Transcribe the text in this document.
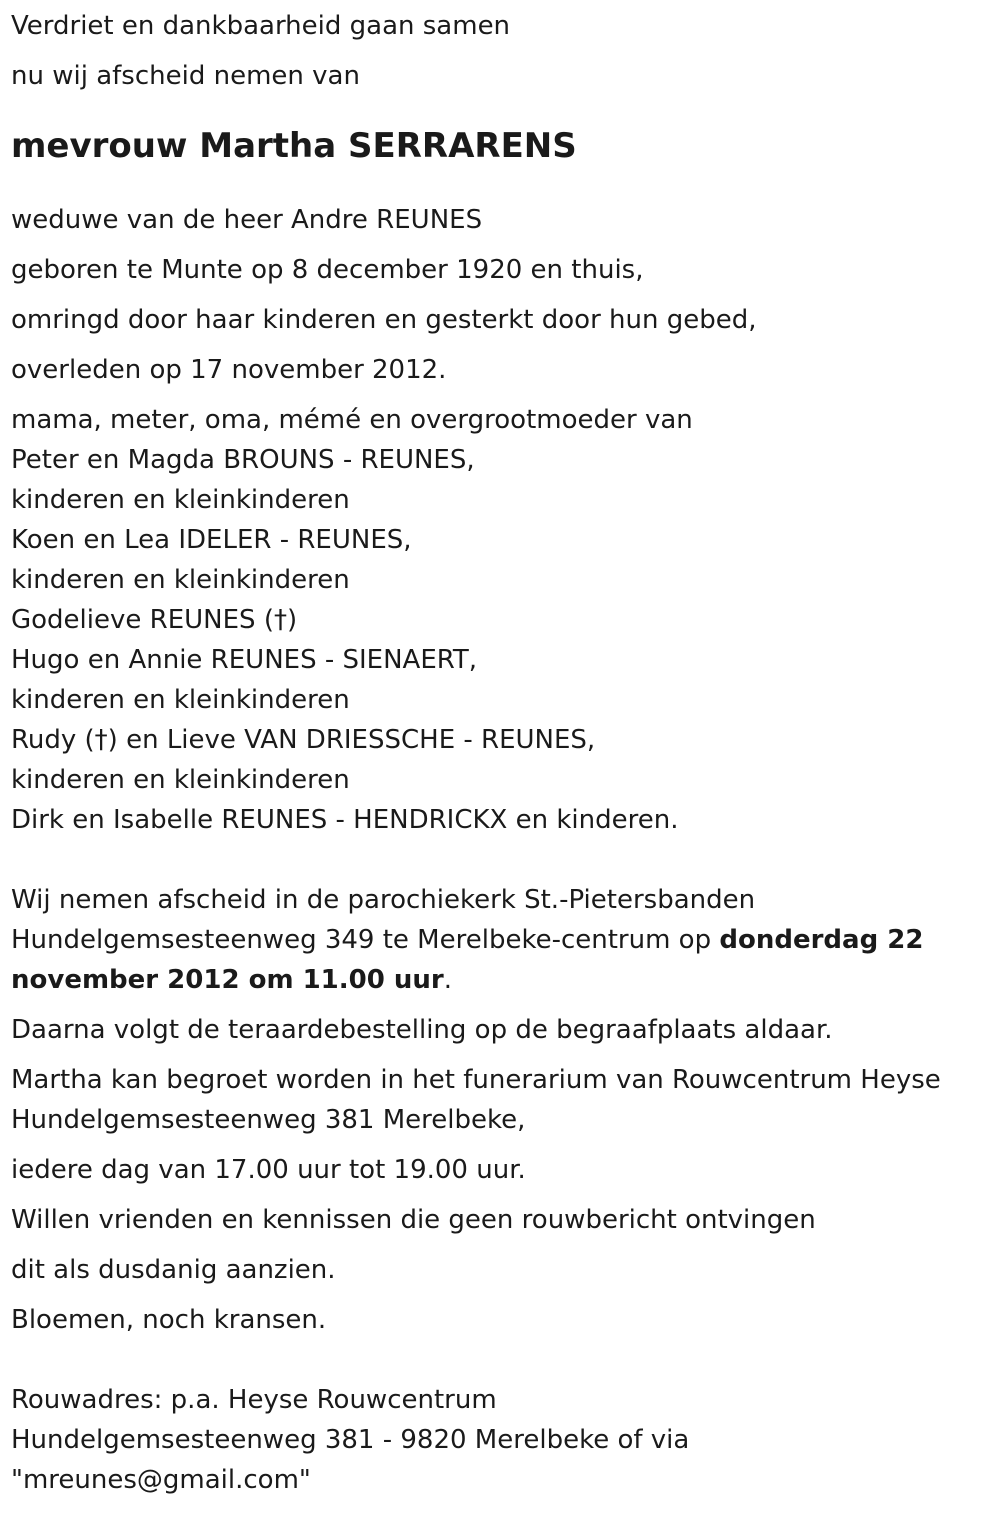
Verdriet en dankbaarheid gaan samen
nu wij afscheid nemen van
mevrouw Martha SERRARENS
weduwe van de heer Andre REUNES
geboren te Munte op 8 december 1920 en thuis,
omringd door haar kinderen en gesterkt door hun gebed,
overleden op 17 november 2012.
mama, meter, oma, mémé en overgrootmoeder van
Peter en Magda BROUNS - REUNES,
kinderen en kleinkinderen
Koen en Lea IDELER - REUNES,
kinderen en kleinkinderen
Godelieve REUNES (†)
Hugo en Annie REUNES - SIENAERT,
kinderen en kleinkinderen
Rudy (†) en Lieve VAN DRIESSCHE - REUNES,
kinderen en kleinkinderen
Dirk en Isabelle REUNES - HENDRICKX en kinderen.
Wij nemen afscheid in de parochiekerk St.-Pietersbanden
Hundelgemsesteenweg 349 te Merelbeke-centrum op donderdag 22
november 2012 om 11.00 uur.
Daarna volgt de teraardebestelling op de begraafplaats aldaar.
Martha kan begroet worden in het funerarium van Rouwcentrum Heyse
Hundelgemsesteenweg 381 Merelbeke,
iedere dag van 17.00 uur tot 19.00 uur.
Willen vrienden en kennissen die geen rouwbericht ontvingen
dit als dusdanig aanzien.
Bloemen, noch kransen.
Rouwadres: p.a. Heyse Rouwcentrum
Hundelgemsesteenweg 381 - 9820 Merelbeke of via
"mreunes@gmail.com"
